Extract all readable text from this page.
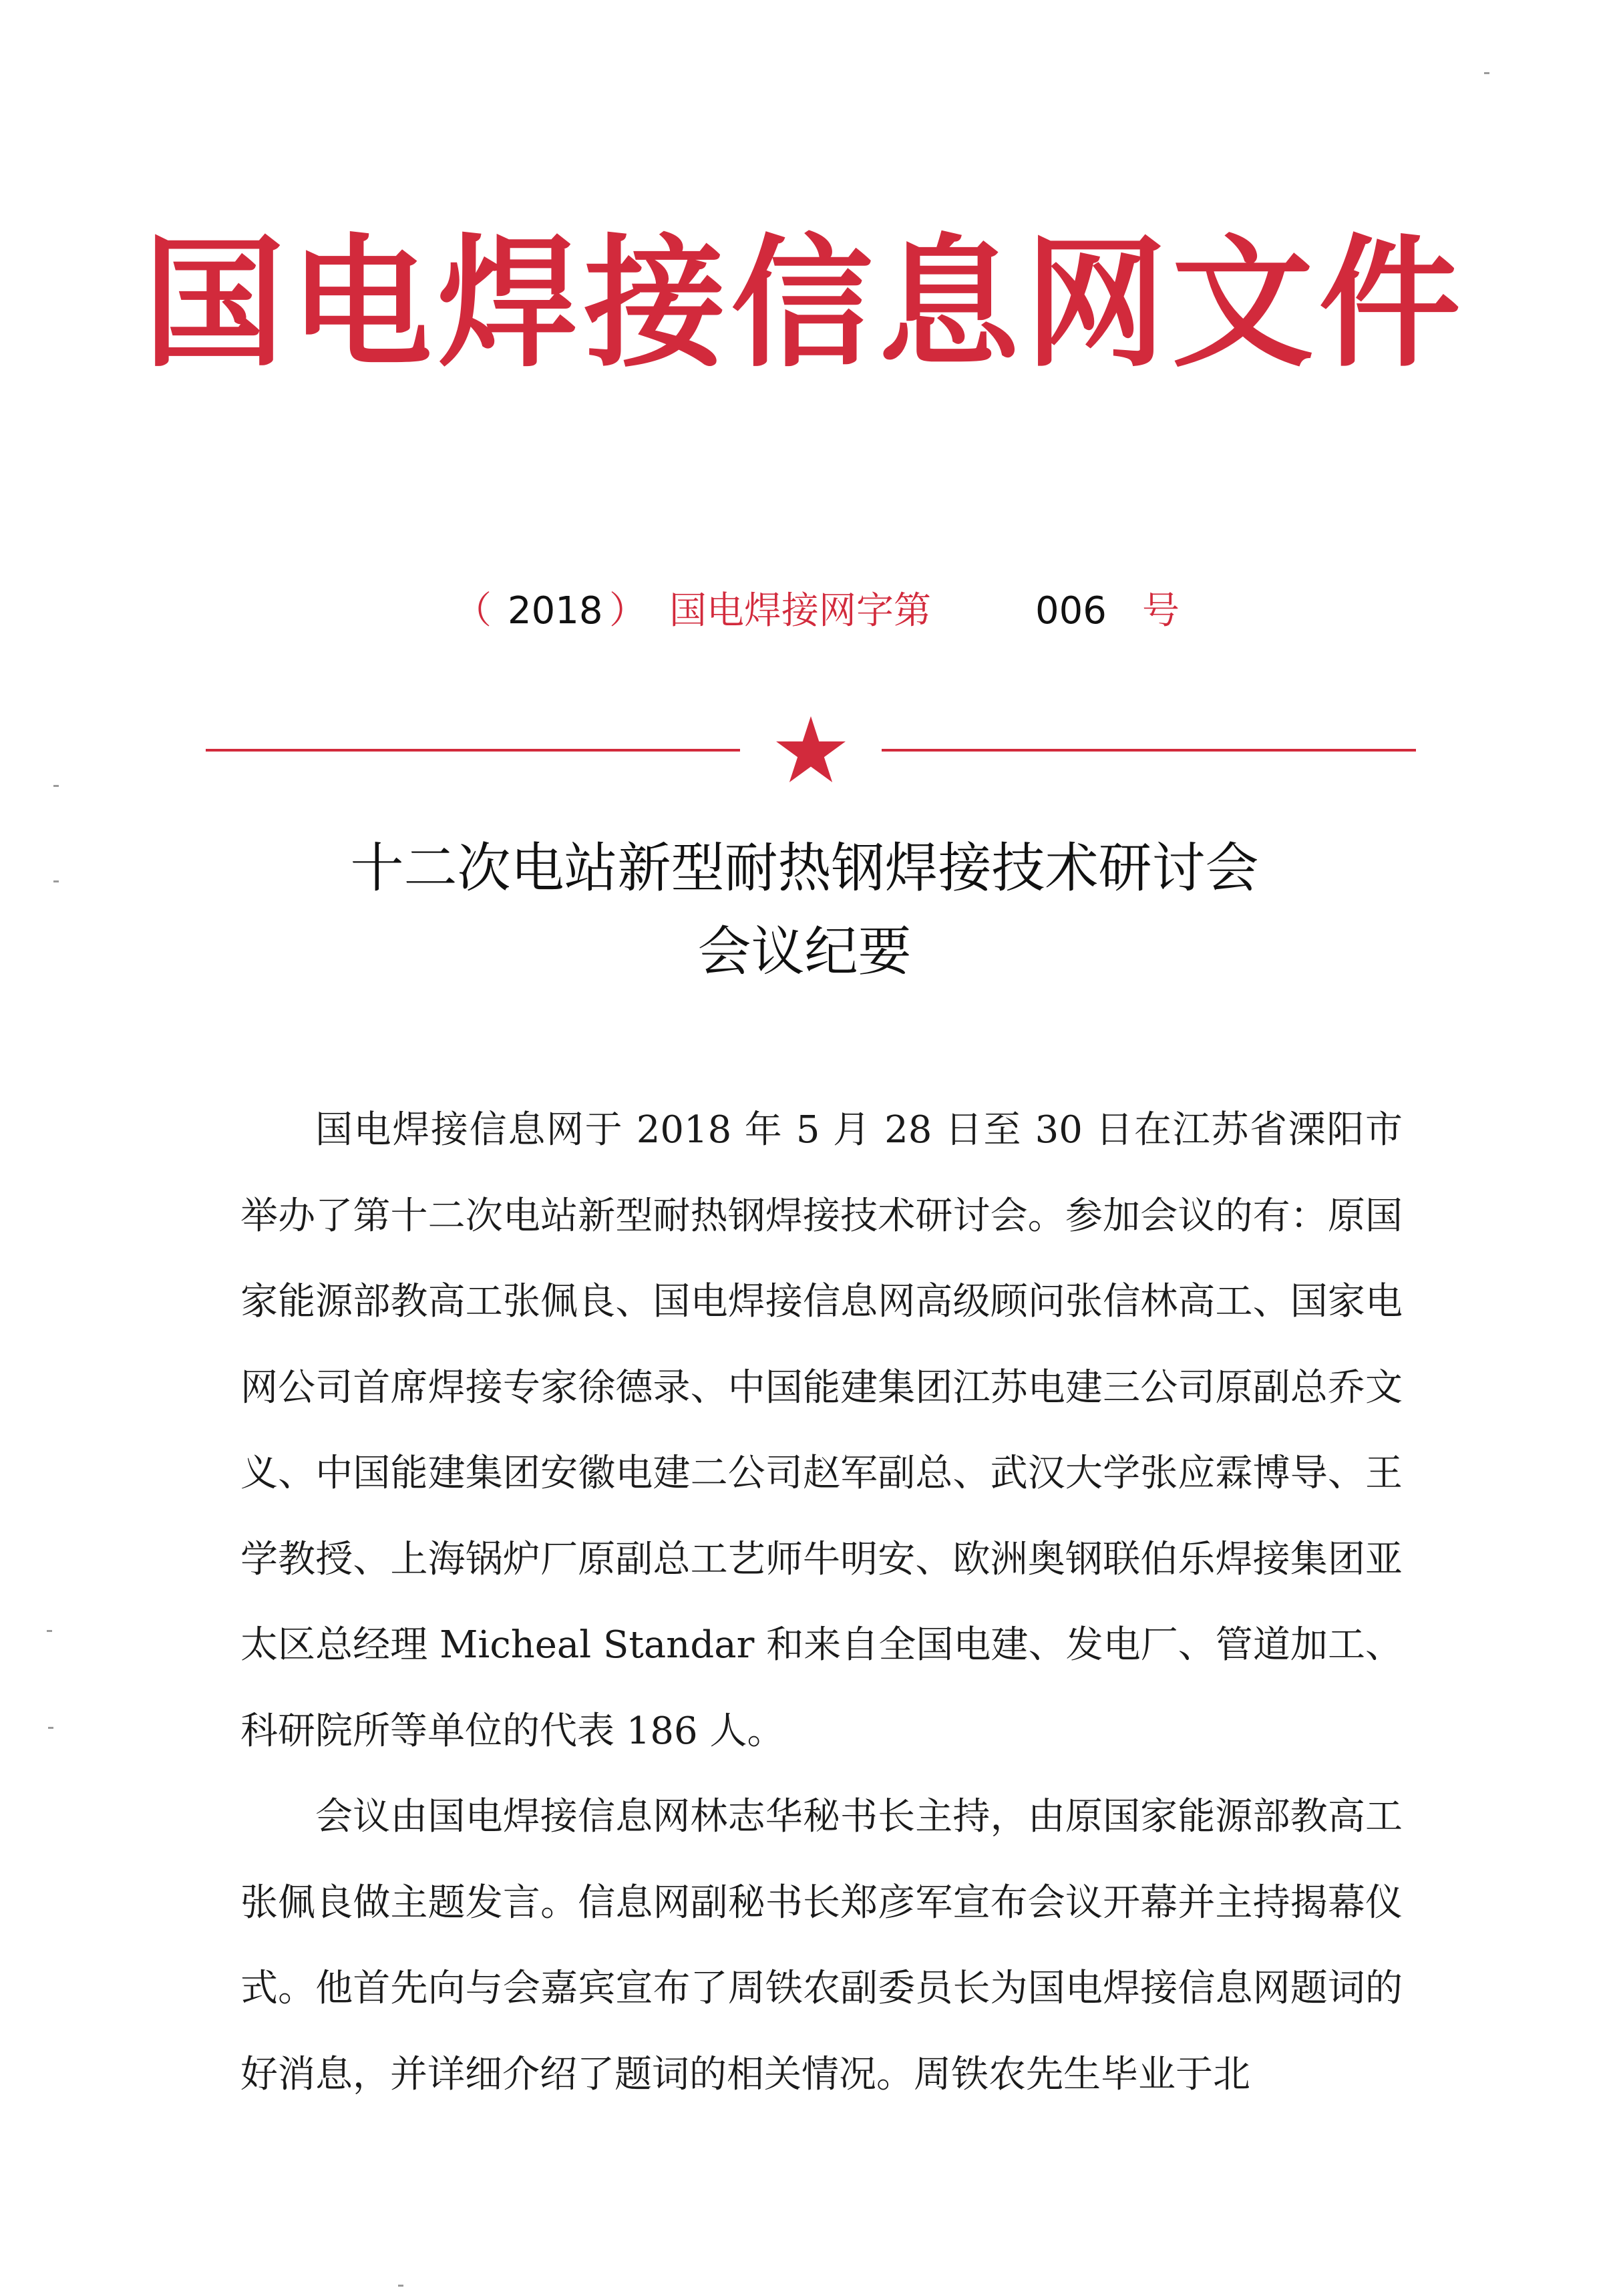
国电焊接信息网文件
（ 2018 ） 国电焊接网字第	006 号
十二次电站新型耐热钢焊接技术研讨会
会议纪要

国电焊接信息网于 2018 年 5 月 28 日至 30 日在江苏省溧阳市举办了第十二次电站新型耐热钢焊接技术研讨会。参加会议的有：原国家能源部教高工张佩良、国电焊接信息网高级顾问张信林高工、国家电网公司首席焊接专家徐德录、中国能建集团江苏电建三公司原副总乔文义、中国能建集团安徽电建二公司赵军副总、武汉大学张应霖博导、王学教授、上海锅炉厂原副总工艺师牛明安、欧洲奥钢联伯乐焊接集团亚太区总经理 Micheal Standar 和来自全国电建、发电厂、管道加工、科研院所等单位的代表 186 人。

会议由国电焊接信息网林志华秘书长主持，由原国家能源部教高工张佩良做主题发言。信息网副秘书长郑彦军宣布会议开幕并主持揭幕仪式。他首先向与会嘉宾宣布了周铁农副委员长为国电焊接信息网题词的好消息，并详细介绍了题词的相关情况。周铁农先生毕业于北
